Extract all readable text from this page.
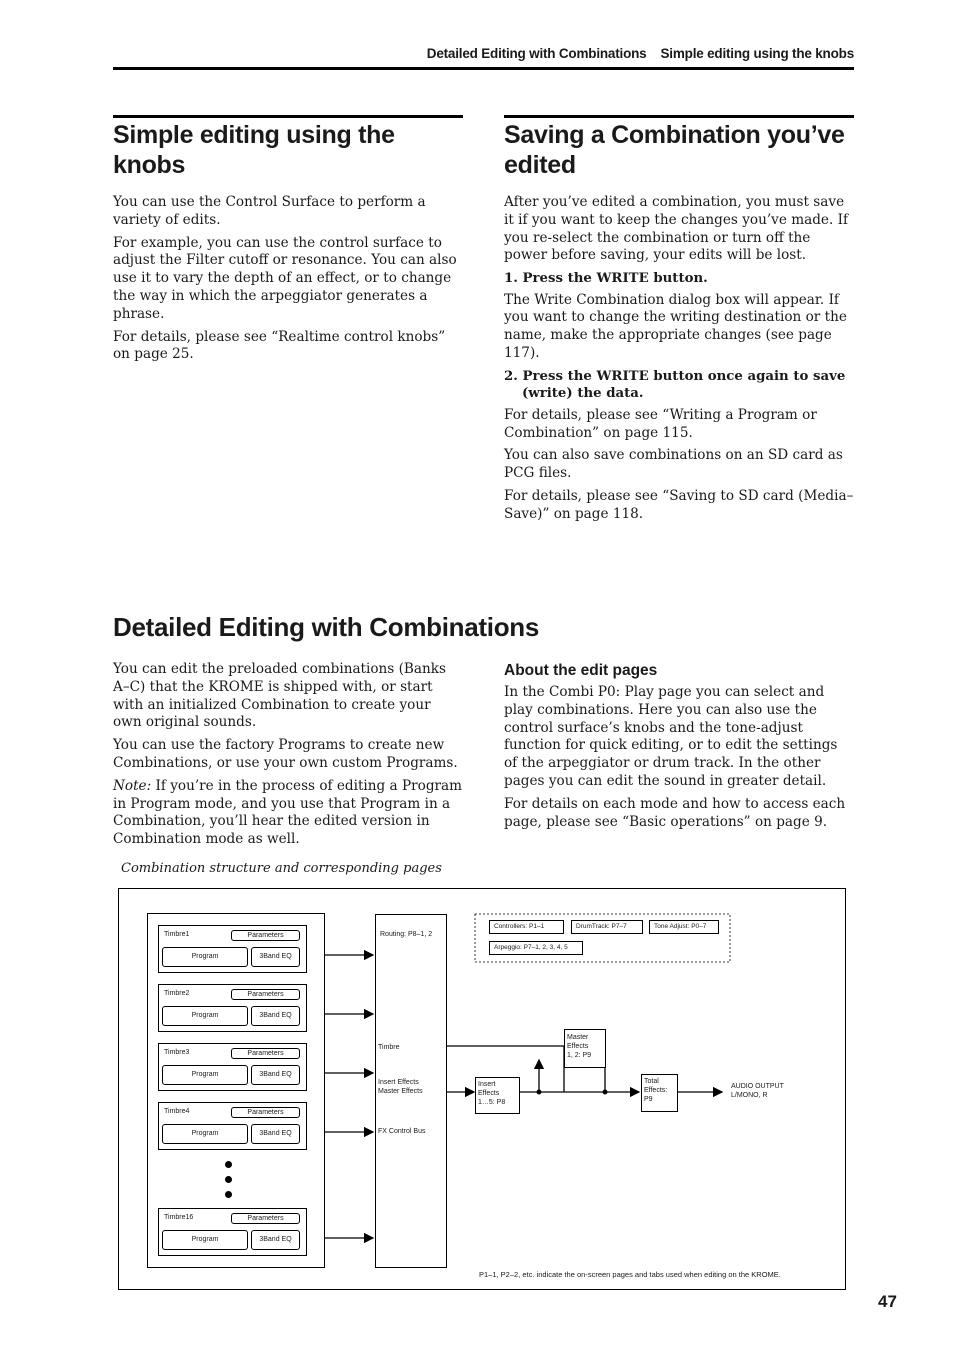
Detailed Editing with Combinations Simple editing using the knobs
Simple editing using the knobs

You can use the Control Surface to perform a variety of edits.

For example, you can use the control surface to adjust the Filter cutoff or resonance. You can also use it to vary the depth of an effect, or to change the way in which the arpeggiator generates a phrase.

For details, please see “Realtime control knobs” on page 25.

Saving a Combination you’ve edited

After you’ve edited a combination, you must save it if you want to keep the changes you’ve made. If you re-select the combination or turn off the power before saving, your edits will be lost.

1. Press the WRITE button.

The Write Combination dialog box will appear. If you want to change the writing destination or the name, make the appropriate changes (see page 117).

2. Press the WRITE button once again to save (write) the data.

For details, please see “Writing a Program or Combination” on page 115.

You can also save combinations on an SD card as PCG files.

For details, please see “Saving to SD card (Media–Save)” on page 118.

Detailed Editing with Combinations

You can edit the preloaded combinations (Banks A–C) that the KROME is shipped with, or start with an initialized Combination to create your own original sounds.

You can use the factory Programs to create new Combinations, or use your own custom Programs.

Note: If you’re in the process of editing a Program in Program mode, and you use that Program in a Combination, you’ll hear the edited version in Combination mode as well.

About the edit pages

In the Combi P0: Play page you can select and play combinations. Here you can also use the control surface’s knobs and the tone-adjust function for quick editing, or to edit the settings of the arpeggiator or drum track. In the other pages you can edit the sound in greater detail.

For details on each mode and how to access each page, please see “Basic operations” on page 9.

Combination structure and corresponding pages
Timbre1	Parameters
Program	3Band EQ
Timbre2	Parameters
Program	3Band EQ
Timbre3	Parameters
Program	3Band EQ
Timbre4	Parameters
Program	3Band EQ
Timbre16	Parameters
Program	3Band EQ
Routing: P8–1, 2
Timbre
Insert Effects
Master Effects
FX Control Bus
Controllers: P1–1	DrumTrack: P7–7	Tone Adjust: P0–7
Arpeggio: P7–1, 2, 3, 4, 5
Insert
Effects
1…5: P8
Master
Effects
1, 2: P9
Total
Effects:
P9
AUDIO OUTPUT
L/MONO, R
P1–1, P2–2, etc. indicate the on-screen pages and tabs used when editing on the KROME.
47
